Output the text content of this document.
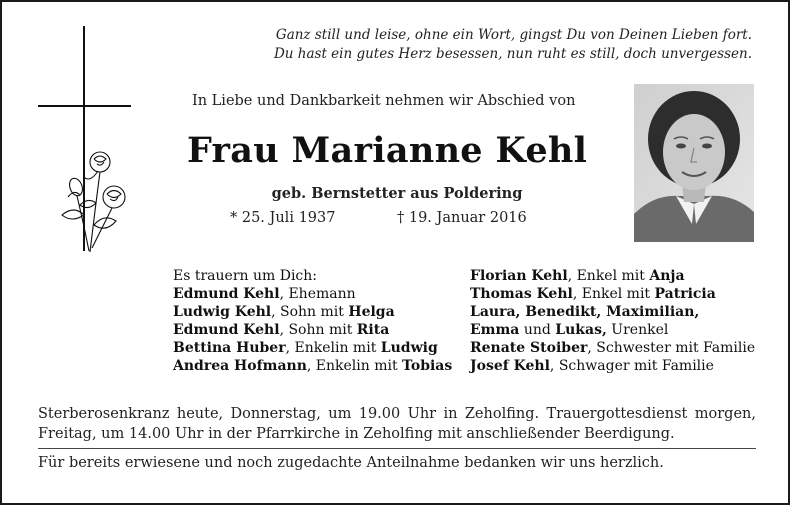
Ganz still und leise, ohne ein Wort, gingst Du von Deinen Lieben fort.
Du hast ein gutes Herz besessen, nun ruht es still, doch unvergessen.
In Liebe und Dankbarkeit nehmen wir Abschied von
Frau Marianne Kehl
geb. Bernstetter aus Poldering
* 25. Juli 1937	† 19. Januar 2016
Es trauern um Dich:
Edmund Kehl, Ehemann
Ludwig Kehl, Sohn mit Helga
Edmund Kehl, Sohn mit Rita
Bettina Huber, Enkelin mit Ludwig
Andrea Hofmann, Enkelin mit Tobias
Florian Kehl, Enkel mit Anja
Thomas Kehl, Enkel mit Patricia
Laura, Benedikt, Maximilian,
Emma und Lukas, Urenkel
Renate Stoiber, Schwester mit Familie
Josef Kehl, Schwager mit Familie
Sterberosenkranz heute, Donnerstag, um 19.00 Uhr in Zeholfing. Trauergottesdienst morgen, Freitag, um 14.00 Uhr in der Pfarrkirche in Zeholfing mit anschließender Beerdigung.
Für bereits erwiesene und noch zugedachte Anteilnahme bedanken wir uns herzlich.
